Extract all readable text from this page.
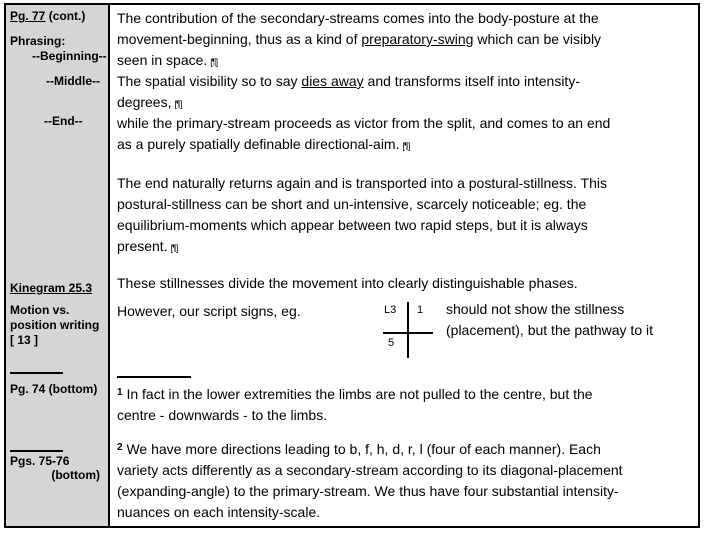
Pg. 77 (cont.)
Phrasing:
--Beginning--
--Middle--
--End--
Kinegram 25.3
Motion vs.
position writing
[ 13 ]
Pg. 74 (bottom)
Pgs. 75-76
(bottom)
The contribution of the secondary-streams comes into the body-posture at the
movement-beginning, thus as a kind of preparatory-swing which can be visibly
seen in space. [¶]
The spatial visibility so to say dies away and transforms itself into intensity-
degrees, [¶]
while the primary-stream proceeds as victor from the split, and comes to an end
as a purely spatially definable directional-aim. [¶]
The end naturally returns again and is transported into a postural-stillness. This
postural-stillness can be short and un-intensive, scarcely noticeable; eg. the
equilibrium-moments which appear between two rapid steps, but it is always
present. [¶]
These stillnesses divide the movement into clearly distinguishable phases.
However, our script signs, eg.	L3 1
5
should not show the stillness
(placement), but the pathway to it
$^1$ In fact in the lower extremities the limbs are not pulled to the centre, but the
centre - downwards - to the limbs.
$^2$ We have more directions leading to b, f, h, d, r, l (four of each manner). Each
variety acts differently as a secondary-stream according to its diagonal-placement
(expanding-angle) to the primary-stream. We thus have four substantial intensity-
nuances on each intensity-scale.
